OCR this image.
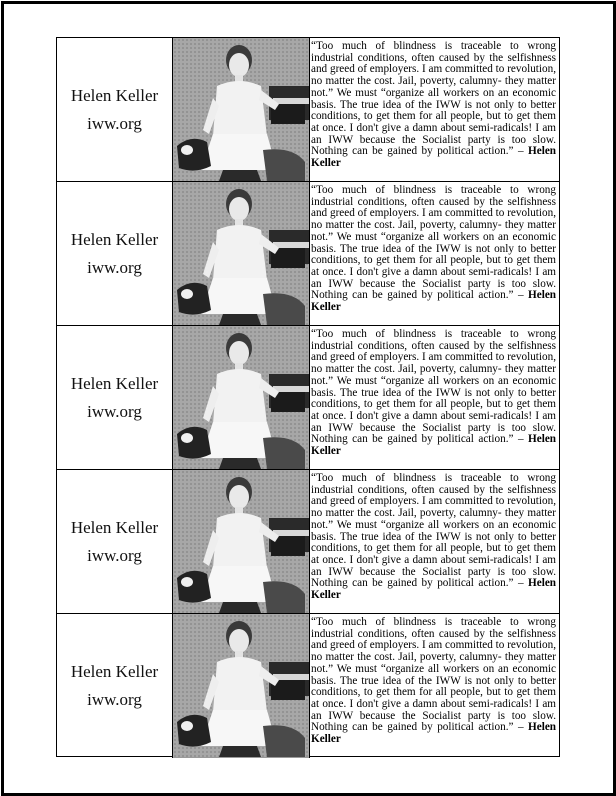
Helen Keller
iww.org
“Too much of blindness is traceable to wrong industrial conditions, often caused by the selfishness and greed of employers. I am committed to revolution, no matter the cost. Jail, poverty, calumny- they matter not.” We must “organize all workers on an economic basis. The true idea of the IWW is not only to better conditions, to get them for all people, but to get them at once. I don't give a damn about semi-radicals! I am an IWW because the Socialist party is too slow. Nothing can be gained by political action.” – Helen Keller
Helen Keller
iww.org
“Too much of blindness is traceable to wrong industrial conditions, often caused by the selfishness and greed of employers. I am committed to revolution, no matter the cost. Jail, poverty, calumny- they matter not.” We must “organize all workers on an economic basis. The true idea of the IWW is not only to better conditions, to get them for all people, but to get them at once. I don't give a damn about semi-radicals! I am an IWW because the Socialist party is too slow. Nothing can be gained by political action.” – Helen Keller
Helen Keller
iww.org
“Too much of blindness is traceable to wrong industrial conditions, often caused by the selfishness and greed of employers. I am committed to revolution, no matter the cost. Jail, poverty, calumny- they matter not.” We must “organize all workers on an economic basis. The true idea of the IWW is not only to better conditions, to get them for all people, but to get them at once. I don't give a damn about semi-radicals! I am an IWW because the Socialist party is too slow. Nothing can be gained by political action.” – Helen Keller
Helen Keller
iww.org
“Too much of blindness is traceable to wrong industrial conditions, often caused by the selfishness and greed of employers. I am committed to revolution, no matter the cost. Jail, poverty, calumny- they matter not.” We must “organize all workers on an economic basis. The true idea of the IWW is not only to better conditions, to get them for all people, but to get them at once. I don't give a damn about semi-radicals! I am an IWW because the Socialist party is too slow. Nothing can be gained by political action.” – Helen Keller
Helen Keller
iww.org
“Too much of blindness is traceable to wrong industrial conditions, often caused by the selfishness and greed of employers. I am committed to revolution, no matter the cost. Jail, poverty, calumny- they matter not.” We must “organize all workers on an economic basis. The true idea of the IWW is not only to better conditions, to get them for all people, but to get them at once. I don't give a damn about semi-radicals! I am an IWW because the Socialist party is too slow. Nothing can be gained by political action.” – Helen Keller
